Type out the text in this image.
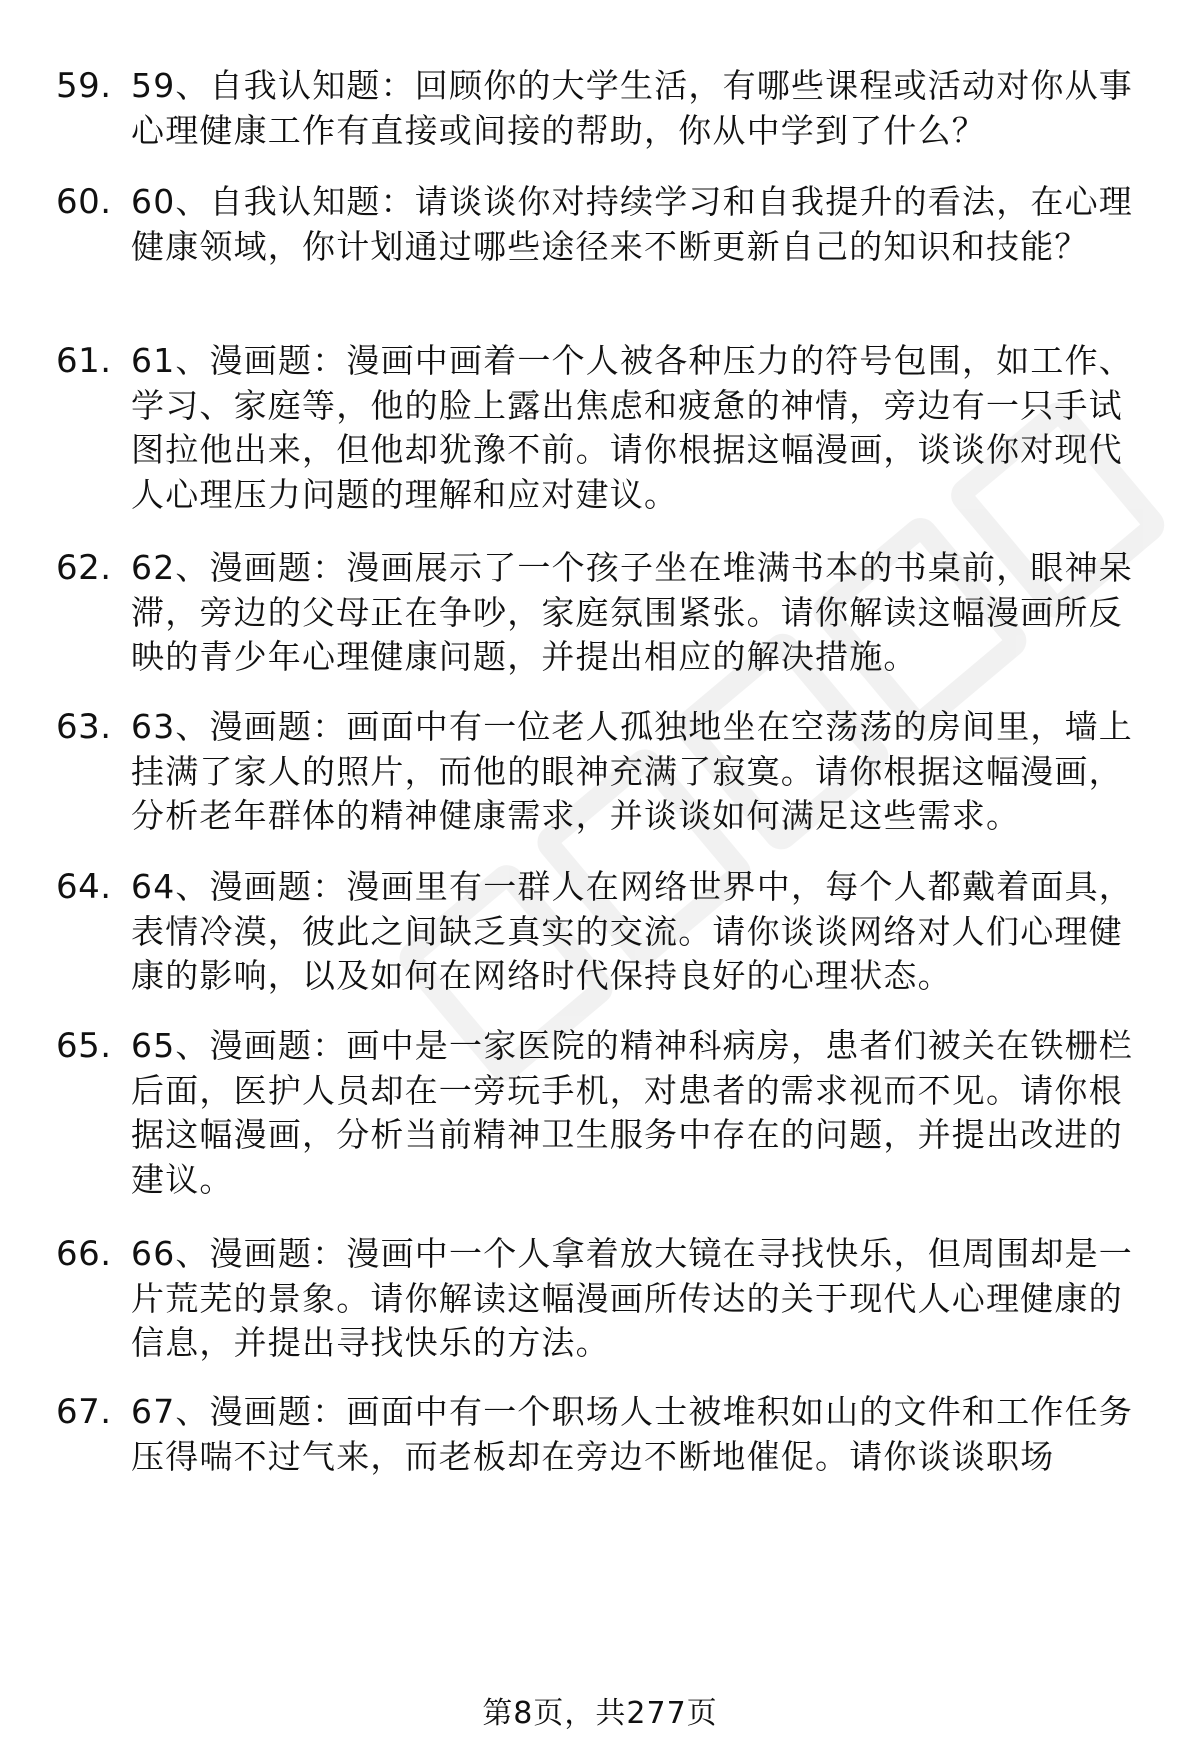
59. 59、自我认知题：回顾你的大学生活，有哪些课程或活动对你从事心理健康工作有直接或间接的帮助，你从中学到了什么？
60. 60、自我认知题：请谈谈你对持续学习和自我提升的看法，在心理健康领域，你计划通过哪些途径来不断更新自己的知识和技能？
61. 61、漫画题：漫画中画着一个人被各种压力的符号包围，如工作、学习、家庭等，他的脸上露出焦虑和疲惫的神情，旁边有一只手试图拉他出来，但他却犹豫不前。请你根据这幅漫画，谈谈你对现代人心理压力问题的理解和应对建议。
62. 62、漫画题：漫画展示了一个孩子坐在堆满书本的书桌前，眼神呆滞，旁边的父母正在争吵，家庭氛围紧张。请你解读这幅漫画所反映的青少年心理健康问题，并提出相应的解决措施。
63. 63、漫画题：画面中有一位老人孤独地坐在空荡荡的房间里，墙上挂满了家人的照片，而他的眼神充满了寂寞。请你根据这幅漫画，分析老年群体的精神健康需求，并谈谈如何满足这些需求。
64. 64、漫画题：漫画里有一群人在网络世界中，每个人都戴着面具，表情冷漠，彼此之间缺乏真实的交流。请你谈谈网络对人们心理健康的影响，以及如何在网络时代保持良好的心理状态。
65. 65、漫画题：画中是一家医院的精神科病房，患者们被关在铁栅栏后面，医护人员却在一旁玩手机，对患者的需求视而不见。请你根据这幅漫画，分析当前精神卫生服务中存在的问题，并提出改进的建议。
66. 66、漫画题：漫画中一个人拿着放大镜在寻找快乐，但周围却是一片荒芜的景象。请你解读这幅漫画所传达的关于现代人心理健康的信息，并提出寻找快乐的方法。
67. 67、漫画题：画面中有一个职场人士被堆积如山的文件和工作任务压得喘不过气来，而老板却在旁边不断地催促。请你谈谈职场
第8页，共277页
